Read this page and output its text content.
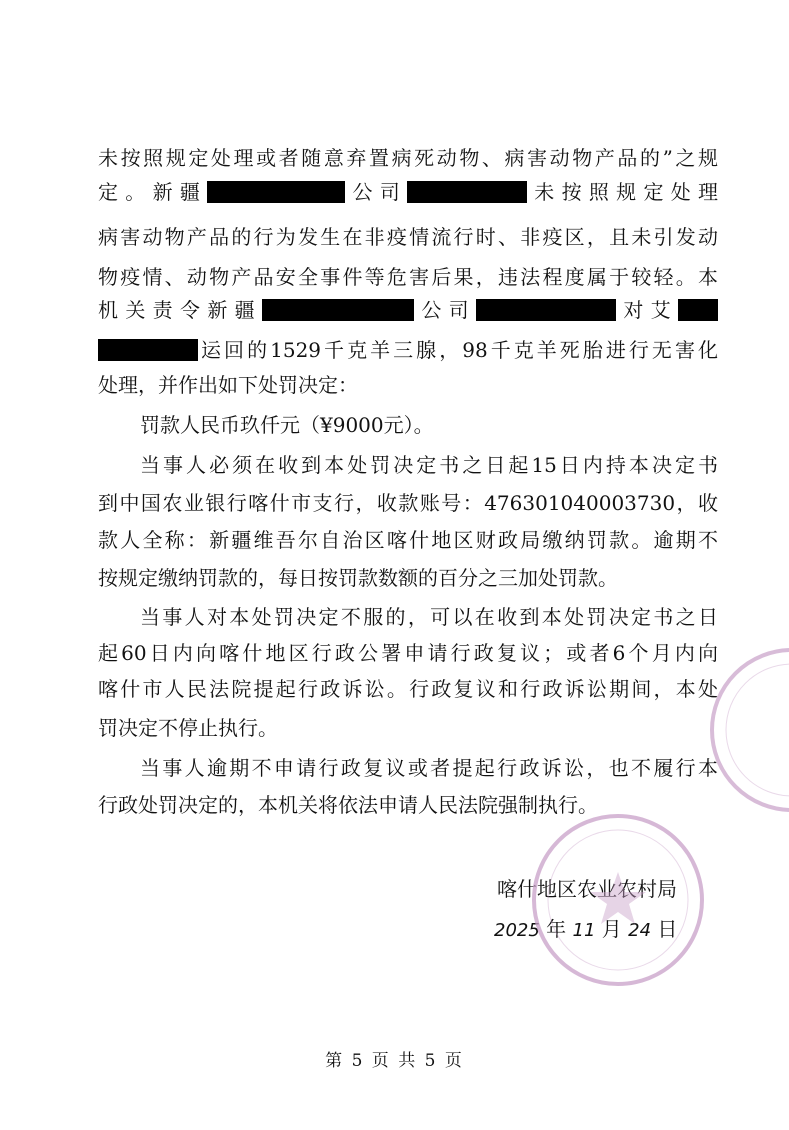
未按照规定处理或者随意弃置病死动物、病害动物产品的”之规
定。新疆	公司	未按照规定处理
病害动物产品的行为发生在非疫情流行时、非疫区，且未引发动
物疫情、动物产品安全事件等危害后果，违法程度属于较轻。本
机关责令新疆	公司	对艾
运回的1529千克羊三腺，98千克羊死胎进行无害化
处理，并作出如下处罚决定：
罚款人民币玖仟元（¥9000元）。
当事人必须在收到本处罚决定书之日起15日内持本决定书
到中国农业银行喀什市支行，收款账号：476301040003730，收
款人全称：新疆维吾尔自治区喀什地区财政局缴纳罚款。逾期不
按规定缴纳罚款的，每日按罚款数额的百分之三加处罚款。
当事人对本处罚决定不服的，可以在收到本处罚决定书之日
起60日内向喀什地区行政公署申请行政复议；或者6个月内向
喀什市人民法院提起行政诉讼。行政复议和行政诉讼期间，本处
罚决定不停止执行。
当事人逾期不申请行政复议或者提起行政诉讼，也不履行本
行政处罚决定的，本机关将依法申请人民法院强制执行。
喀什地区农业农村局
2025 年 11 月 24 日
第 5 页 共 5 页
